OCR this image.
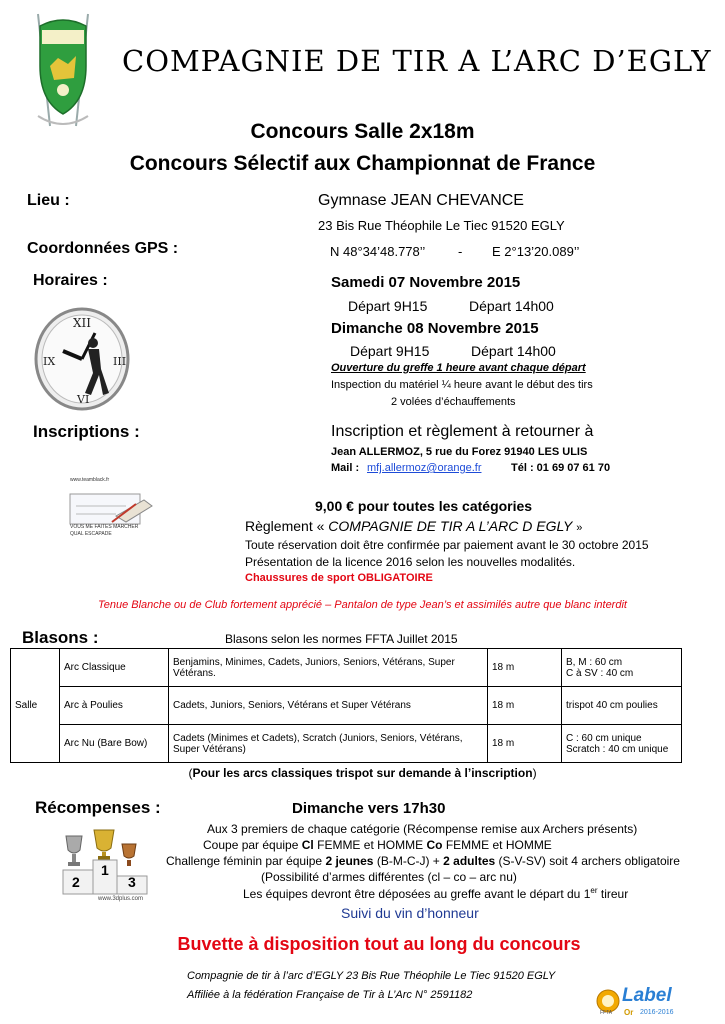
COMPAGNIE DE TIR A L’ARC D’EGLY
Concours Salle 2x18m
Concours Sélectif aux Championnat de France
Lieu :	Gymnase JEAN CHEVANCE
23 Bis Rue Théophile Le Tiec 91520 EGLY
Coordonnées GPS :	N 48°34’48.778’’	- E 2°13’20.089’’
Horaires :	Samedi 07 Novembre 2015
Départ 9H15	Départ 14h00
Dimanche 08 Novembre 2015
Départ 9H15	Départ 14h00
Ouverture du greffe 1 heure avant chaque départ
Inspection du matériel ¼ heure avant le début des tirs
2 volées d’échauffements
XII
III
VI
IX
Inscriptions :	Inscription et règlement à retourner à
Jean ALLERMOZ, 5 rue du Forez 91940 LES ULIS
Mail : mfj.allermoz@orange.fr	Tél : 01 69 07 61 70
www.teamblack.fr
VOUS ME FAITES MARCHER
QUAL ESCAPADE
9,00 € pour toutes les catégories
Règlement « COMPAGNIE DE TIR A L’ARC D EGLY »
Toute réservation doit être confirmée par paiement avant le 30 octobre 2015
Présentation de la licence 2016 selon les nouvelles modalités.
Chaussures de sport OBLIGATOIRE
Tenue Blanche ou de Club fortement apprécié – Pantalon de type Jean’s et assimilés autre que blanc interdit
Blasons :	Blasons selon les normes FFTA Juillet 2015
Salle	Arc Classique	Benjamins, Minimes, Cadets, Juniors, Seniors, Vétérans, Super Vétérans.	18 m	B, M : 60 cm
C à SV : 40 cm
	Arc à Poulies	Cadets, Juniors, Seniors, Vétérans et Super Vétérans	18 m	trispot 40 cm poulies
	Arc Nu (Bare Bow)	Cadets (Minimes et Cadets), Scratch (Juniors, Seniors, Vétérans, Super Vétérans)	18 m	C : 60 cm unique
Scratch : 40 cm unique
(Pour les arcs classiques trispot sur demande à l’inscription)
Récompenses :	Dimanche vers 17h30
1
2	3
www.3dplus.com
Aux 3 premiers de chaque catégorie (Récompense remise aux Archers présents)
Coupe par équipe Cl FEMME et HOMME Co FEMME et HOMME
Challenge féminin par équipe 2 jeunes (B-M-C-J) + 2 adultes (S-V-SV) soit 4 archers obligatoire
(Possibilité d’armes différentes (cl – co – arc nu)
Les équipes devront être déposées au greffe avant le départ du 1er tireur
Suivi du vin d’honneur
Buvette à disposition tout au long du concours
Compagnie de tir à l’arc d’EGLY 23 Bis Rue Théophile Le Tiec 91520 EGLY
Affiliée à la fédération Française de Tir à L’Arc N° 2591182
FFTA
Label
Or 2016-2016
